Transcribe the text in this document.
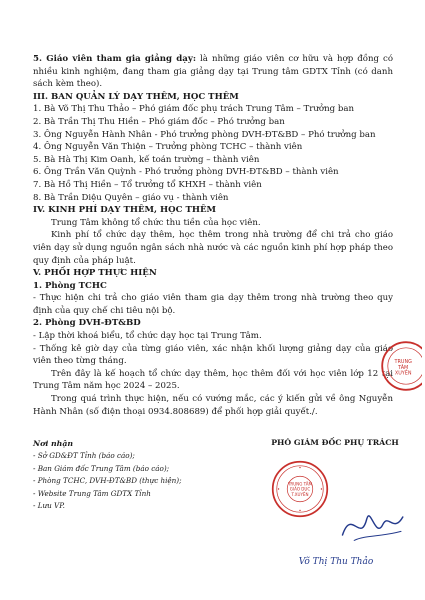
5. Giáo viên tham gia giảng dạy: là những giáo viên cơ hữu và hợp đồng có nhiều kinh nghiệm, đang tham gia giảng dạy tại Trung tâm GDTX Tỉnh (có danh sách kèm theo).

III. BAN QUẢN LÝ DẠY THÊM, HỌC THÊM

1. Bà Võ Thị Thu Thảo – Phó giám đốc phụ trách Trung Tâm – Trưởng ban

2. Bà Trần Thị Thu Hiền – Phó giám đốc – Phó trưởng ban

3. Ông Nguyễn Hành Nhân - Phó trưởng phòng DVH-ĐT&BD – Phó trưởng ban

4. Ông Nguyễn Văn Thiện – Trưởng phòng TCHC – thành viên

5. Bà Hà Thị Kim Oanh, kế toán trường – thành viên

6. Ông Trần Văn Quỳnh - Phó trưởng phòng DVH-ĐT&BD – thành viên

7. Bà Hồ Thị Hiền – Tổ trưởng tổ KHXH – thành viên

8. Bà Trần Diệu Quyên – giáo vụ - thành viên

IV. KINH PHÍ DẠY THÊM, HỌC THÊM

Trung Tâm không tổ chức thu tiền của học viên.

Kinh phí tổ chức dạy thêm, học thêm trong nhà trường để chi trả cho giáo viên dạy sử dụng nguồn ngân sách nhà nước và các nguồn kinh phí hợp pháp theo quy định của pháp luật.

V. PHỐI HỢP THỰC HIỆN

1. Phòng TCHC

- Thực hiện chi trả cho giáo viên tham gia dạy thêm trong nhà trường theo quy định của quy chế chi tiêu nội bộ.

2. Phòng DVH-ĐT&BD

- Lập thời khoá biểu, tổ chức dạy học tại Trung Tâm.

- Thống kê giờ dạy của từng giáo viên, xác nhận khối lượng giảng dạy của giáo viên theo từng tháng.

Trên đây là kế hoạch tổ chức dạy thêm, học thêm đối với học viên lớp 12 tại Trung Tâm năm học 2024 – 2025.

Trong quá trình thực hiện, nếu có vướng mắc, các ý kiến gửi về ông Nguyễn Hành Nhân (số điện thoại 0934.808689) để phối hợp giải quyết./.

Nơi nhận
- Sở GD&ĐT Tỉnh (báo cáo);
- Ban Giám đốc Trung Tâm (báo cáo);
- Phòng TCHC, DVH-ĐT&BD (thực hiện);
- Website Trung Tâm GDTX Tỉnh
- Lưu VP.
PHÓ GIÁM ĐỐC PHỤ TRÁCH
TRUNG TÂM
GIÁO DỤC
T.XUYÊN
Võ Thị Thu Thảo
TRUNG
TÂM
XUYÊN
